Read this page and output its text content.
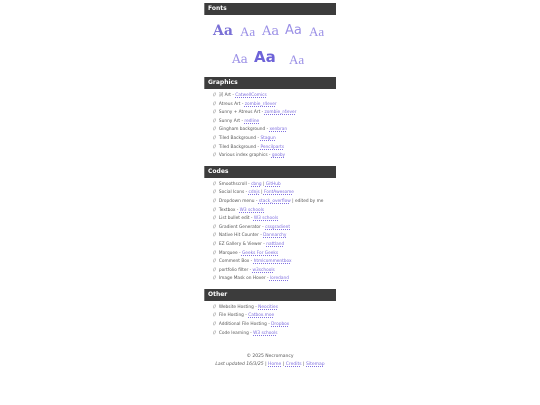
Fonts
Aa Aa Aa Aa Aa
Aa Aa Aa
Graphics
// 詞 Art - CatwellComics
// Atreus Art - zombie_r4ever
// Sunny + Atreus Art - zombie_r4ever
// Sunny Art - redline
// Gingham background - xenbran
// Tiled Background - Stagun
// Tiled Background - Pencilparts
// Various index graphics - gooby
Codes
// Smoothscroll - cbng | GitHub
// Social Icons - cdnjs | FontAwesome
// Dropdown menu - stack_overflow | edited by me
// Textbox - W3 schools
// List bullet edit - W3 schools
// Gradient Generator - cssgradient
// Native Hit Counter - Dannarchy
// EZ Gallery & Viewer - nattland
// Marquee - Geeks For Geeks
// Comment Box - htmlcommentbox
// portfolio filter - w3schools
// Image Mask on Hover - loredand
Other
// Website Hosting - Neocities
// File Hosting - Catbox.moe
// Additional File Hosting - Dropbox
// Code learning - W3 schools
© 2025 Necromancy
Last updated 16/3/25 | Home | Credits | Sitemap
